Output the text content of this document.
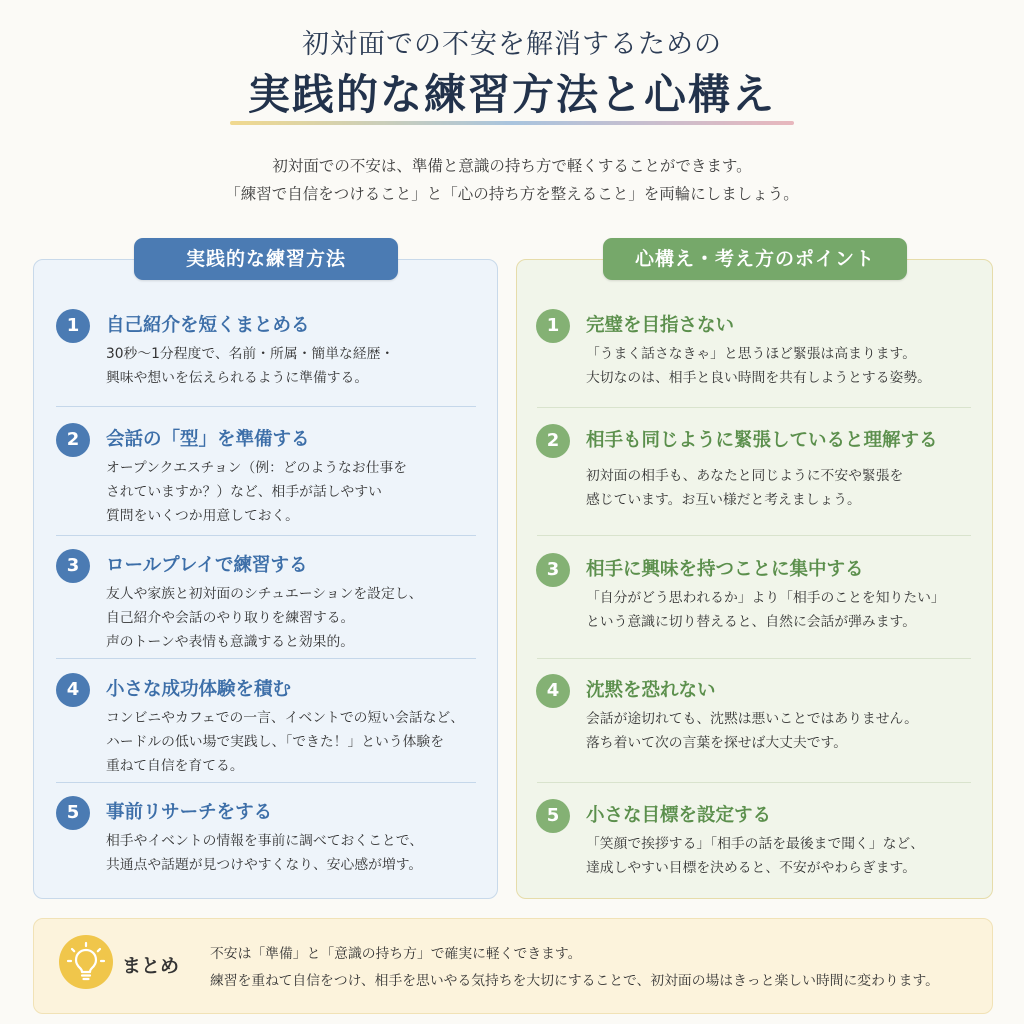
初対面での不安を解消するための
実践的な練習方法と心構え
初対面での不安は、準備と意識の持ち方で軽くすることができます。
「練習で自信をつけること」と「心の持ち方を整えること」を両輪にしましょう。
実践的な練習方法
1	自己紹介を短くまとめる
30秒〜1分程度で、名前・所属・簡単な経歴・
興味や想いを伝えられるように準備する。
2	会話の「型」を準備する
オープンクエスチョン（例：どのようなお仕事を
されていますか？）など、相手が話しやすい
質問をいくつか用意しておく。
3	ロールプレイで練習する
友人や家族と初対面のシチュエーションを設定し、
自己紹介や会話のやり取りを練習する。
声のトーンや表情も意識すると効果的。
4	小さな成功体験を積む
コンビニやカフェでの一言、イベントでの短い会話など、
ハードルの低い場で実践し、「できた！」という体験を
重ねて自信を育てる。
5	事前リサーチをする
相手やイベントの情報を事前に調べておくことで、
共通点や話題が見つけやすくなり、安心感が増す。
心構え・考え方のポイント
1	完璧を目指さない
「うまく話さなきゃ」と思うほど緊張は高まります。
大切なのは、相手と良い時間を共有しようとする姿勢。
2	相手も同じように緊張していると理解する
初対面の相手も、あなたと同じように不安や緊張を
感じています。お互い様だと考えましょう。
3	相手に興味を持つことに集中する
「自分がどう思われるか」より「相手のことを知りたい」
という意識に切り替えると、自然に会話が弾みます。
4	沈黙を恐れない
会話が途切れても、沈黙は悪いことではありません。
落ち着いて次の言葉を探せば大丈夫です。
5	小さな目標を設定する
「笑顔で挨拶する」「相手の話を最後まで聞く」など、
達成しやすい目標を決めると、不安がやわらぎます。
まとめ
不安は「準備」と「意識の持ち方」で確実に軽くできます。
練習を重ねて自信をつけ、相手を思いやる気持ちを大切にすることで、初対面の場はきっと楽しい時間に変わります。
